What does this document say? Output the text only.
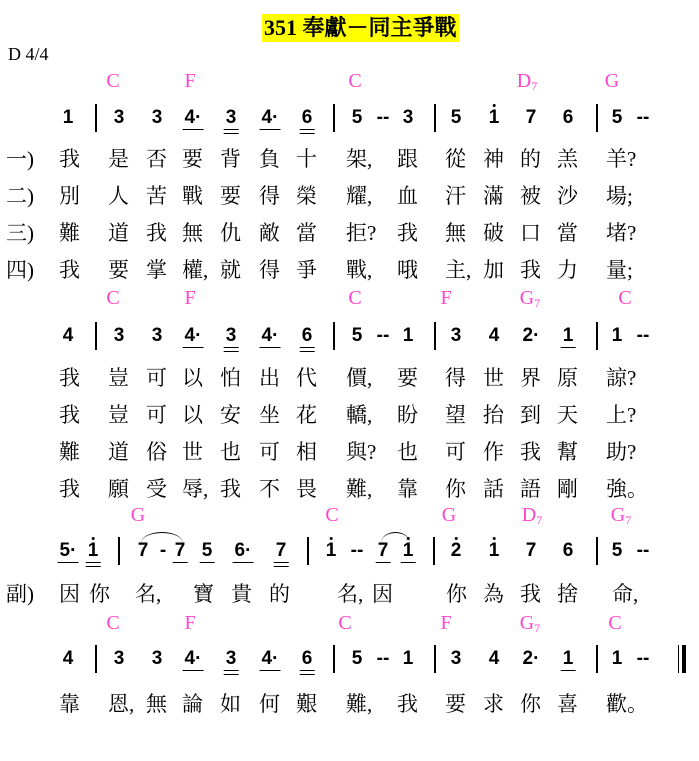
351 奉獻－同主爭戰
D 4/4
C	F	C	$D_7$	G
1 3 3 4· 3 4· 6 5 -- 3 5 1 7 6 5 --
一) 我 是 否 要 背 負 十 架, 跟 從 神 的 羔 羊?
二) 別 人 苦 戰 要 得 榮 耀, 血 汗 滿 被 沙 場;
三) 難 道 我 無 仇 敵 當 拒? 我 無 破 口 當 堵?
四) 我 要 掌 權, 就 得 爭 戰, 哦 主, 加 我 力 量;
C	F	C	F	$G_7$	C
4 3 3 4· 3 4· 6 5 -- 1 3 4 2· 1 1 --
我 豈 可 以 怕 出 代 價, 要 得 世 界 原 諒?
我 豈 可 以 安 坐 花 轎, 盼 望 抬 到 天 上?
難 道 俗 世 也 可 相 與? 也 可 作 我 幫 助?
我 願 受 辱, 我 不 畏 難, 靠 你 話 語 剛 強。
G	C	G	$D_7$	$G_7$
5· 1 7 - 7 5 6· 7 1 -- 7 1 2 1 7 6 5 --
副) 因 你 名, 寶 貴 的 名, 因	你 為 我 捨 命,
C	F	C	F	$G_7$	C
4 3 3 4· 3 4· 6 5 -- 1 3 4 2· 1 1 --
靠 恩, 無 論 如 何 艱 難, 我 要 求 你 喜 歡。
